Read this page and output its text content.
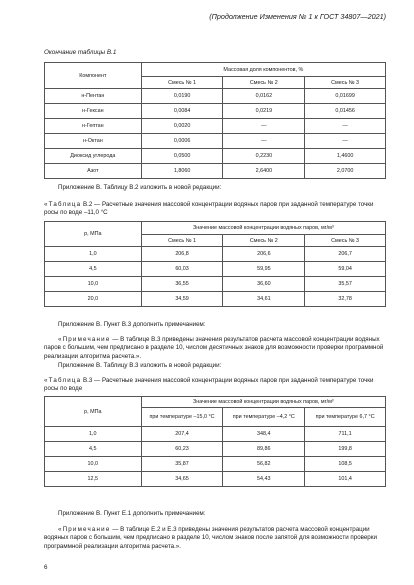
(Продолжение Изменения № 1 к ГОСТ 34807—2021)
Окончание таблицы В.1
Компонент	Массовая доля компонентов, %		
	Смесь № 1	Смесь № 2	Смесь № 3
н-Пентан	0,0190	0,0162	0,01699
н-Гексан	0,0084	0,0219	0,01456
н-Гептан	0,0020	—	—
н-Октан	0,0006	—	—
Диоксид углерода	0,0500	0,2230	1,4600
Азот	1,8060	2,6400	2,0700
Приложение В. Таблицу В.2 изложить в новой редакции:
«Таблица В.2 — Расчетные значения массовой концентрации водяных паров при заданной температуре точки росы по воде –11,0 °С
р, МПа	Значение массовой концентрации водяных паров, мг/м³		
	Смесь № 1	Смесь № 2	Смесь № 3
1,0	206,8	206,6	206,7
4,5	60,03	59,95	59,04
10,0	36,55	36,60	35,57
20,0	34,59	34,61	32,78
Приложение В. Пункт В.3 дополнить примечанием:
«Примечание — В таблице В.3 приведены значения результатов расчета массовой концентрации водяных паров с большим, чем предписано в разделе 10, числом десятичных знаков для возможности проверки программной реализации алгоритма расчета.».
Приложение В. Таблицу В.3 изложить в новой редакции:
«Таблица В.3 — Расчетные значения массовой концентрации водяных паров при заданной температуре точки росы по воде
р, МПа	Значение массовой концентрации водяных паров, мг/м³		
	при температуре –15,0 °С	при температуре –4,2 °С	при температуре 6,7 °С
1,0	207,4	348,4	711,1
4,5	60,23	89,86	199,8
10,0	35,87	56,82	108,5
12,5	34,65	54,43	101,4
Приложение В. Пункт Е.1 дополнить примечанием:
«Примечание — В таблице Е.2 и Е.3 приведены значения результатов расчета массовой концентрации водяных паров с большим, чем предписано в разделе 10, числом знаков после запятой для возможности проверки программной реализации алгоритма расчета.».
6
